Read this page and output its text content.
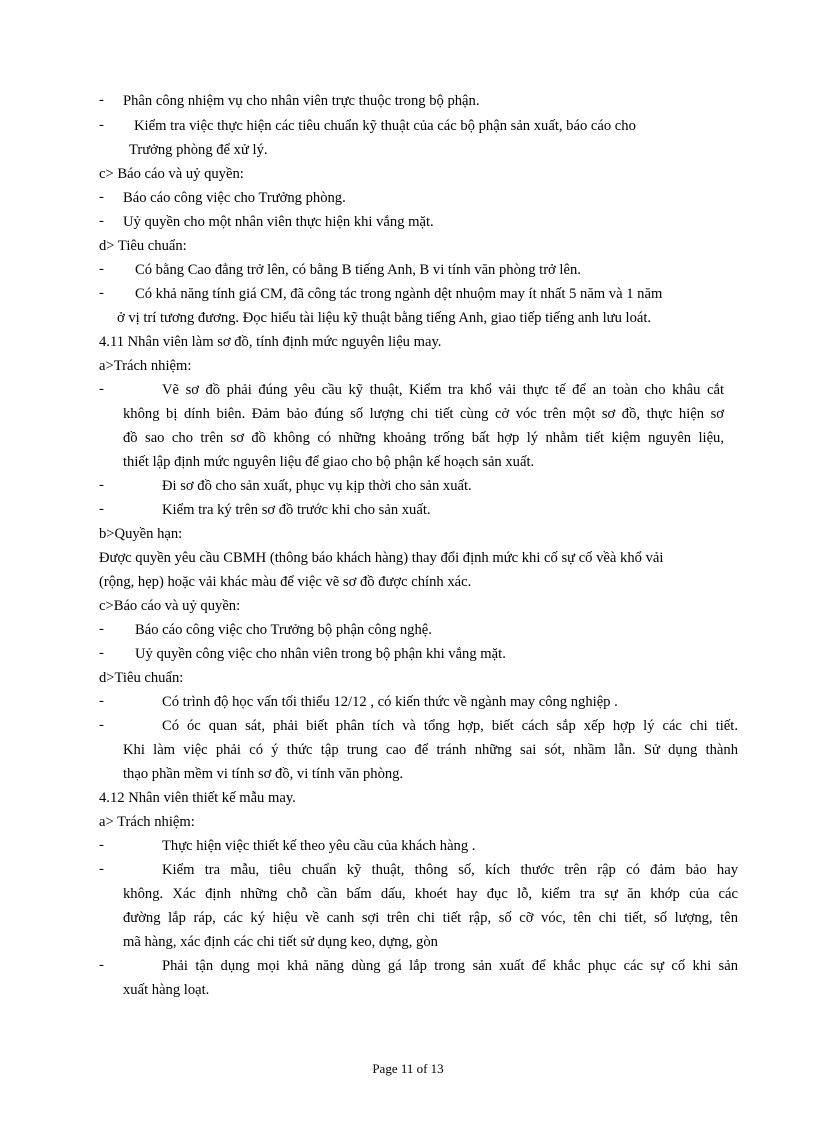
- Phân công nhiệm vụ cho nhân viên trực thuộc trong bộ phận.
- Kiểm tra việc thực hiện các tiêu chuẩn kỹ thuật của các bộ phận sản xuất, báo cáo cho
Trưởng phòng để xử lý.
c> Báo cáo và uỷ quyền:
- Báo cáo công việc cho Trưởng phòng.
- Uỷ quyền cho một nhân viên thực hiện khi vắng mặt.
d> Tiêu chuẩn:
- Có bằng Cao đẳng trở lên, có bằng B tiếng Anh, B vi tính văn phòng trở lên.
- Có khả năng tính giá CM, đã công tác trong ngành dệt nhuộm may ít nhất 5 năm và 1 năm
ở vị trí tương đương. Đọc hiểu tài liệu kỹ thuật bằng tiếng Anh, giao tiếp tiếng anh lưu loát.
4.11 Nhân viên làm sơ đồ, tính định mức nguyên liệu may.
a>Trách nhiệm:
-	Vẽ sơ đồ phải đúng yêu cầu kỹ thuật, Kiểm tra khổ vải thực tế để an toàn cho khâu cắt
không bị dính biên. Đảm bảo đúng số lượng chi tiết cùng cở vóc trên một sơ đồ, thực hiện sơ
đồ sao cho trên sơ đồ không có những khoảng trống bất hợp lý nhằm tiết kiệm nguyên liệu,
thiết lập định mức nguyên liệu để giao cho bộ phận kế hoạch sản xuất.
-	Đi sơ đồ cho sản xuất, phục vụ kịp thời cho sản xuất.
-	Kiểm tra ký trên sơ đồ trước khi cho sản xuất.
b>Quyền hạn:
Được quyền yêu cầu CBMH (thông báo khách hàng) thay đổi định mức khi cố sự cố vềà khổ vải
(rộng, hẹp) hoặc vải khác màu để việc vẽ sơ đồ được chính xác.
c>Báo cáo và uỷ quyền:
- Báo cáo công việc cho Trưởng bộ phận công nghệ.
- Uỷ quyền công việc cho nhân viên trong bộ phận khi vắng mặt.
d>Tiêu chuẩn:
-	Có trình độ học vấn tối thiểu 12/12 , có kiến thức về ngành may công nghiệp .
-	Có óc quan sát, phải biết phân tích và tổng hợp, biết cách sắp xếp hợp lý các chi tiết.
Khi làm việc phải có ý thức tập trung cao để tránh những sai sót, nhầm lẫn. Sử dụng thành
thạo phần mềm vi tính sơ đồ, vi tính văn phòng.
4.12 Nhân viên thiết kế mẫu may.
a> Trách nhiệm:
-	Thực hiện việc thiết kế theo yêu cầu của khách hàng .
-	Kiểm tra mẫu, tiêu chuẩn kỹ thuật, thông số, kích thước trên rập có đảm bảo hay
không. Xác định những chỗ cần bấm dấu, khoét hay đục lỗ, kiểm tra sự ăn khớp của các
đường lắp ráp, các ký hiệu về canh sợi trên chi tiết rập, số cỡ vóc, tên chi tiết, số lượng, tên
mã hàng, xác định các chi tiết sử dụng keo, dựng, gòn
-	Phải tận dụng mọi khả năng dùng gá lắp trong sản xuất để khắc phục các sự cố khi sản
xuất hàng loạt.
Page 11 of 13
